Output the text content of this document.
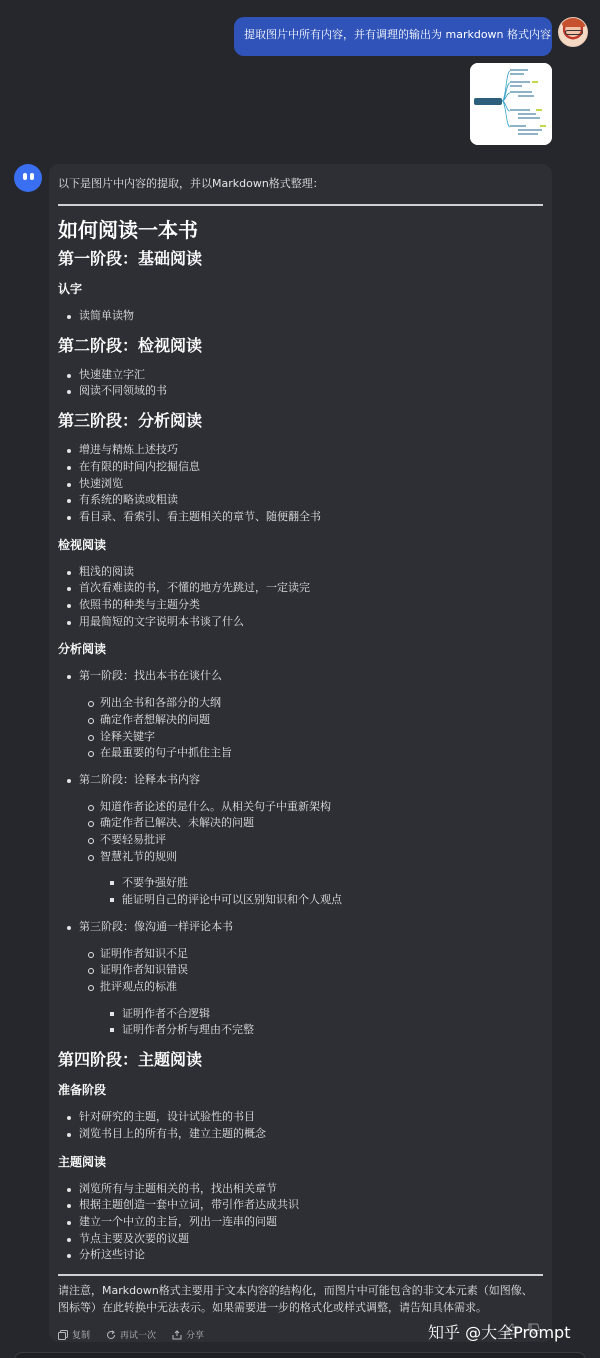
提取图片中所有内容，并有调理的输出为 markdown 格式内容
以下是图片中内容的提取，并以Markdown格式整理：
如何阅读一本书
第一阶段：基础阅读
认字
读简单读物
第二阶段：检视阅读
快速建立字汇
阅读不同领域的书
第三阶段：分析阅读
增进与精炼上述技巧
在有限的时间内挖掘信息
快速浏览
有系统的略读或粗读
看目录、看索引、看主题相关的章节、随便翻全书
检视阅读
粗浅的阅读
首次看难读的书，不懂的地方先跳过，一定读完
依照书的种类与主题分类
用最简短的文字说明本书谈了什么
分析阅读
第一阶段：找出本书在谈什么
列出全书和各部分的大纲
确定作者想解决的问题
诠释关键字
在最重要的句子中抓住主旨
第二阶段：诠释本书内容
知道作者论述的是什么。从相关句子中重新架构
确定作者已解决、未解决的问题
不要轻易批评
智慧礼节的规则
不要争强好胜
能证明自己的评论中可以区别知识和个人观点
第三阶段：像沟通一样评论本书
证明作者知识不足
证明作者知识错误
批评观点的标准
证明作者不合逻辑
证明作者分析与理由不完整
第四阶段：主题阅读
准备阶段
针对研究的主题，设计试验性的书目
浏览书目上的所有书，建立主题的概念
主题阅读
浏览所有与主题相关的书，找出相关章节
根据主题创造一套中立词，带引作者达成共识
建立一个中立的主旨，列出一连串的问题
节点主要及次要的议题
分析这些讨论
请注意，Markdown格式主要用于文本内容的结构化，而图片中可能包含的非文本元素（如图像、图标等）在此转换中无法表示。如果需要进一步的格式化或样式调整，请告知具体需求。
复制	再试一次	分享	知乎 @大全Prompt
